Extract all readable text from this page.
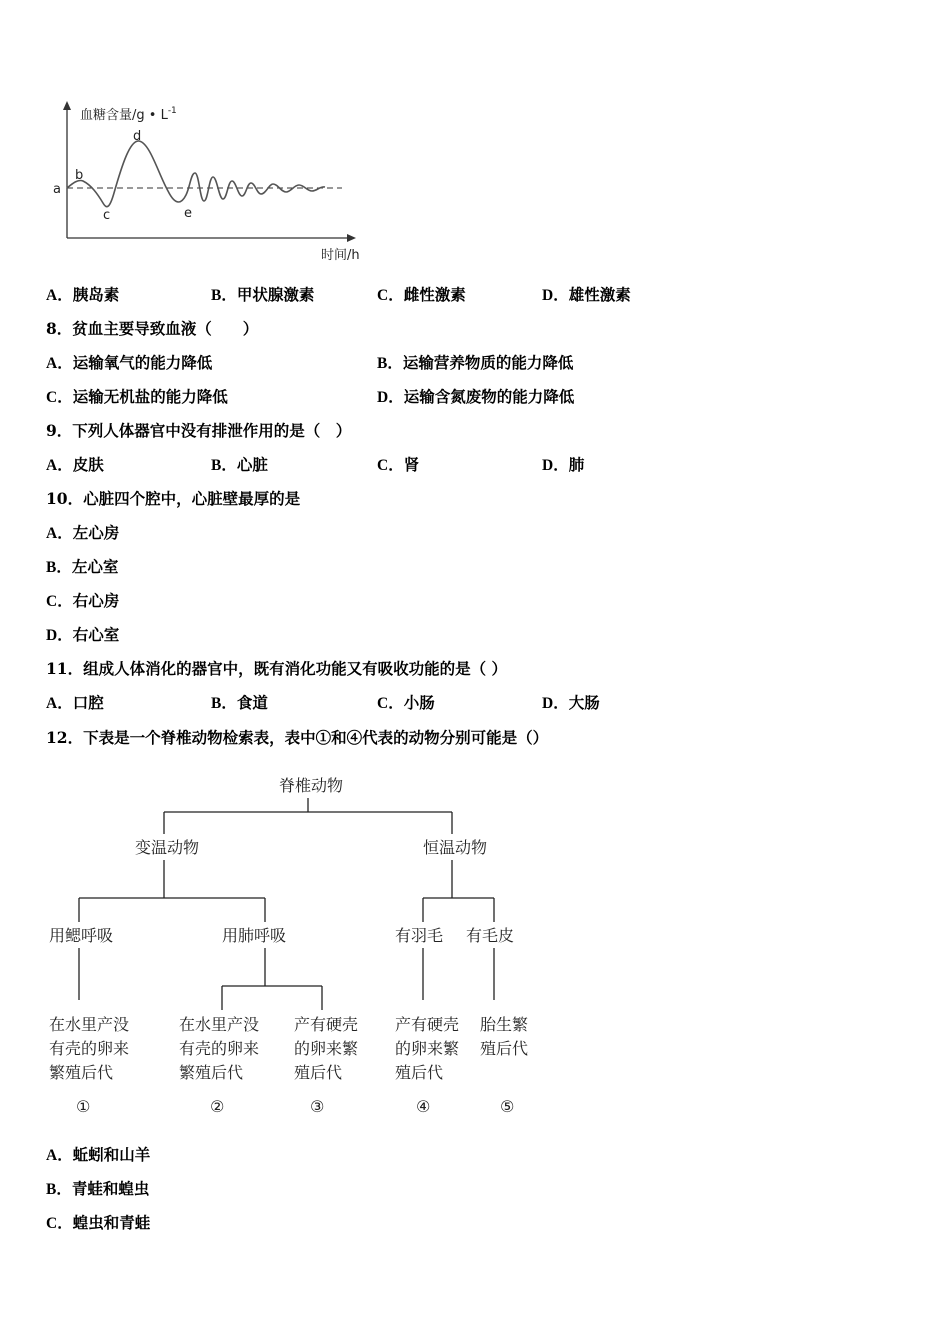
血糖含量/g • $L^{-1}$
时间/h
a
b
c
d
e
A．胰岛素	B．甲状腺激素	C．雌性激素	D．雄性激素
8．贫血主要导致血液（　　）
A．运输氧气的能力降低	B．运输营养物质的能力降低
C．运输无机盐的能力降低	D．运输含氮废物的能力降低
9．下列人体器官中没有排泄作用的是（　）
A．皮肤	B．心脏	C．肾	D．肺
10．心脏四个腔中，心脏壁最厚的是
A．左心房
B．左心室
C．右心房
D．右心室
11．组成人体消化的器官中，既有消化功能又有吸收功能的是（ ）
A．口腔	B．食道	C．小肠	D．大肠
12．下表是一个脊椎动物检索表，表中①和④代表的动物分别可能是（）
脊椎动物
变温动物	恒温动物
用鳃呼吸	用肺呼吸	有羽毛 有毛皮
在水里产没有壳的卵来繁殖后代
在水里产没有壳的卵来繁殖后代
产有硬壳的卵来繁殖后代
产有硬壳的卵来繁殖后代
胎生繁殖后代
①	②	③	④	⑤
A．蚯蚓和山羊
B．青蛙和蝗虫
C．蝗虫和青蛙
